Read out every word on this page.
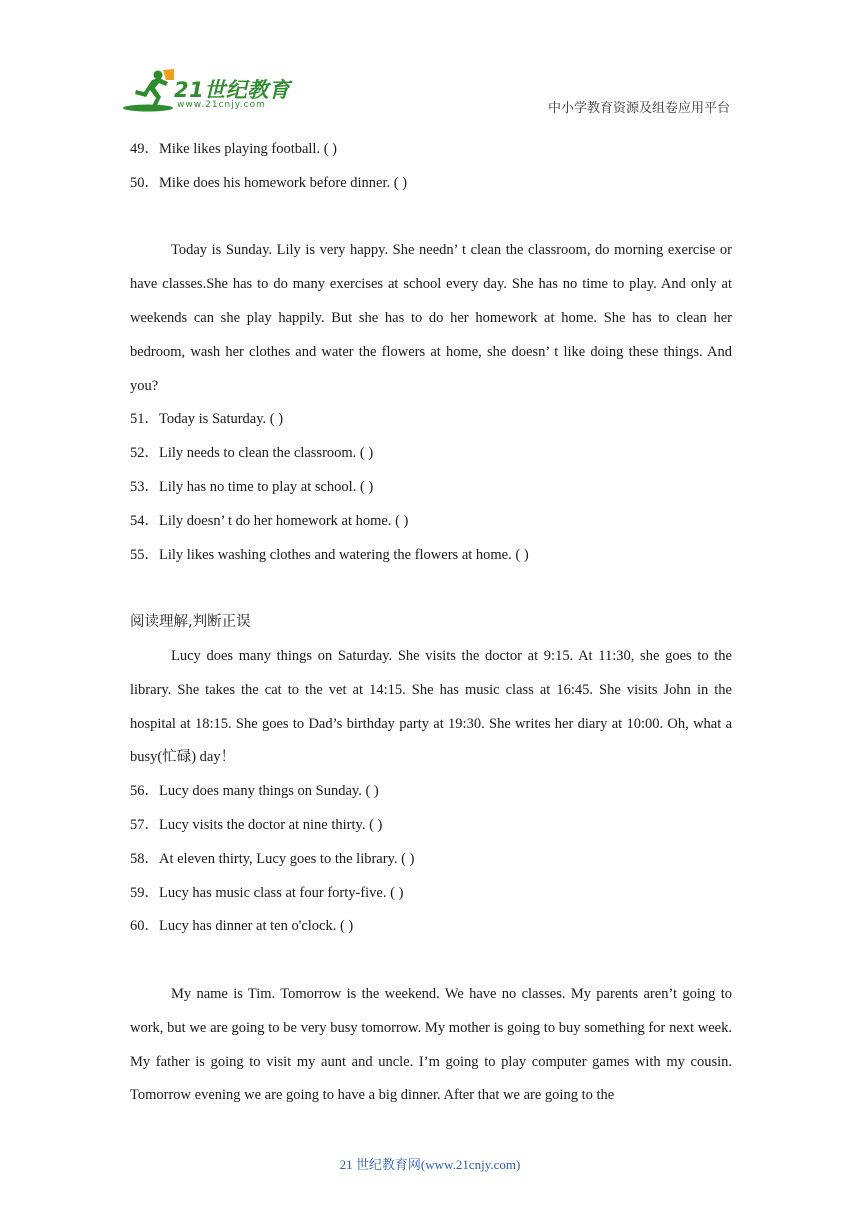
21世纪教育
www.21cnjy.com	中小学教育资源及组卷应用平台
49．Mike likes playing football. ( )
50．Mike does his homework before dinner. ( )

Today is Sunday. Lily is very happy. She needn’ t clean the classroom, do morning exercise or have classes.She has to do many exercises at school every day. She has no time to play. And only at weekends can she play happily. But she has to do her homework at home. She has to clean her bedroom, wash her clothes and water the flowers at home, she doesn’ t like doing these things. And you?

51．Today is Saturday. ( )
52．Lily needs to clean the classroom. ( )
53．Lily has no time to play at school. ( )
54．Lily doesn’ t do her homework at home. ( )
55．Lily likes washing clothes and watering the flowers at home. ( )
阅读理解,判断正误

Lucy does many things on Saturday. She visits the doctor at 9:15. At 11:30, she goes to the library. She takes the cat to the vet at 14:15. She has music class at 16:45. She visits John in the hospital at 18:15. She goes to Dad’s birthday party at 19:30. She writes her diary at 10:00. Oh, what a busy(忙碌) day！

56．Lucy does many things on Sunday. ( )
57．Lucy visits the doctor at nine thirty. ( )
58．At eleven thirty, Lucy goes to the library. ( )
59．Lucy has music class at four forty-five. ( )
60．Lucy has dinner at ten o'clock. ( )

My name is Tim. Tomorrow is the weekend. We have no classes. My parents aren’t going to work, but we are going to be very busy tomorrow. My mother is going to buy something for next week. My father is going to visit my aunt and uncle. I’m going to play computer games with my cousin. Tomorrow evening we are going to have a big dinner. After that we are going to the

21 世纪教育网(www.21cnjy.com)
